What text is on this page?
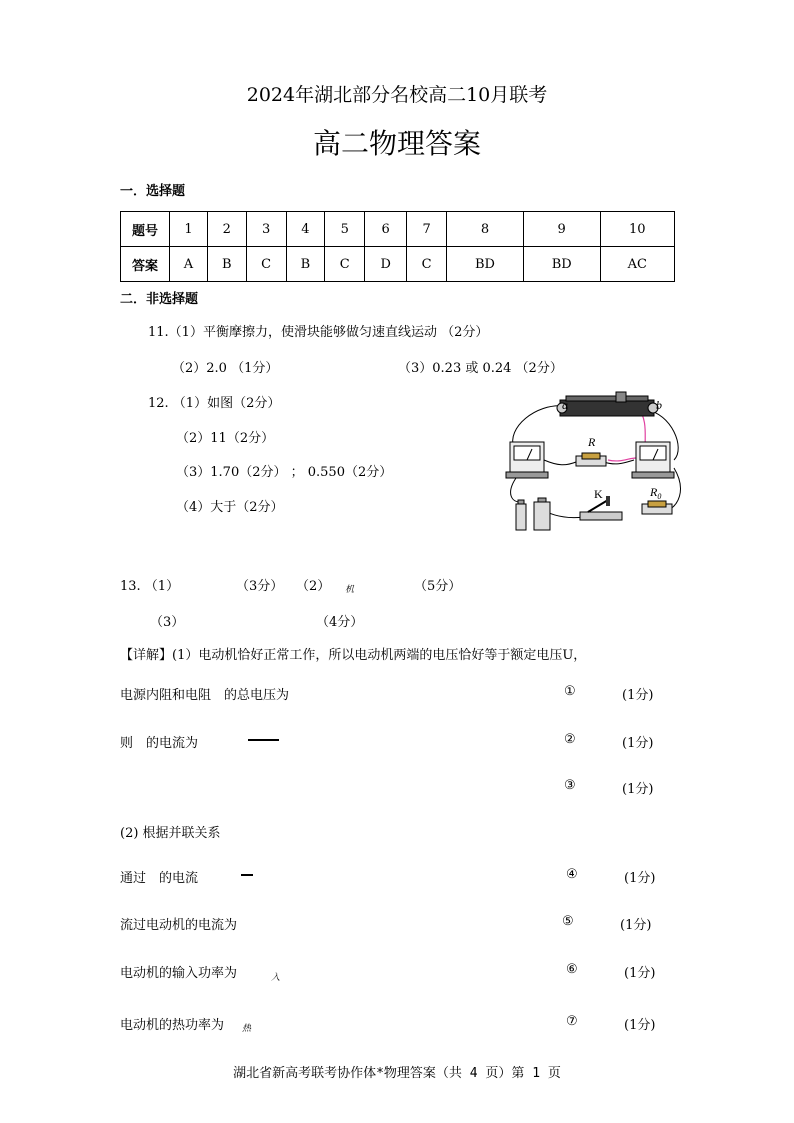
2024年湖北部分名校高二10月联考
高二物理答案
一．选择题
题号	1	2	3	4	5	6	7	8	9	10
答案	A	B	C	B	C	D	C	BD	BD	AC
二．非选择题
11.（1）平衡摩擦力，使滑块能够做匀速直线运动 （2分）
（2）2.0 （1分）	（3）0.23 或 0.24 （2分）
12. （1）如图（2分）
（2）11（2分）
（3）1.70（2分） ； 0.550（2分）
（4）大于（2分）
a	b
R
K	$R_0$
13. （1）	（3分） （2） 机	（5分）
（3）	（4分）
【详解】(1）电动机恰好正常工作，所以电动机两端的电压恰好等于额定电压U，
电源内阻和电阻　的总电压为	①	(1分)
则　的电流为	②	(1分)
③	(1分)
(2) 根据并联关系
通过　的电流	④	(1分)
流过电动机的电流为	⑤	(1分)
电动机的输入功率为	入
⑥	(1分)
电动机的热功率为 热	⑦	(1分)
湖北省新高考联考协作体*物理答案（共 4 页）第 1 页
